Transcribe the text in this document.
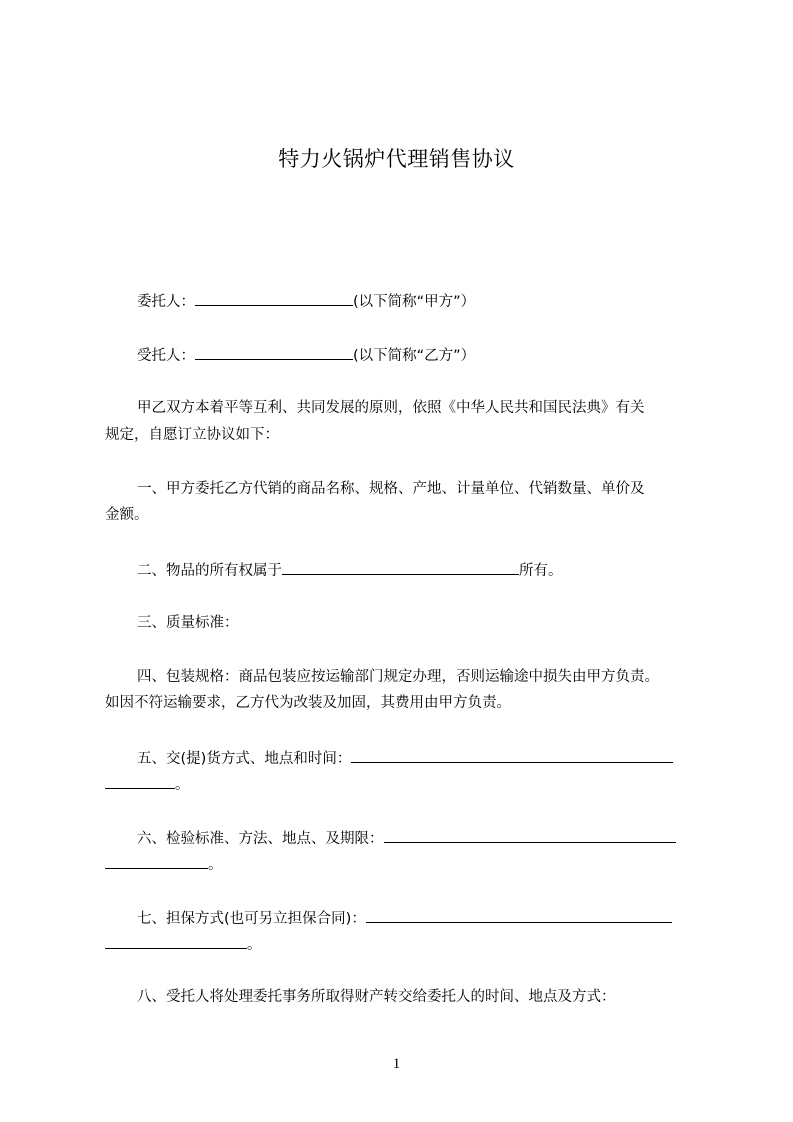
特力火锅炉代理销售协议
委托人：	(以下简称“甲方”）
受托人：	(以下简称“乙方”）
甲乙双方本着平等互利、共同发展的原则，依照《中华人民共和国民法典》有关
规定，自愿订立协议如下：
一、甲方委托乙方代销的商品名称、规格、产地、计量单位、代销数量、单价及
金额。
二、物品的所有权属于	所有。
三、质量标准：
四、包装规格：商品包装应按运输部门规定办理，否则运输途中损失由甲方负责。
如因不符运输要求，乙方代为改装及加固，其费用由甲方负责。
五、交(提)货方式、地点和时间：
。
六、检验标准、方法、地点、及期限：
。
七、担保方式(也可另立担保合同)：
。
八、受托人将处理委托事务所取得财产转交给委托人的时间、地点及方式：
1
